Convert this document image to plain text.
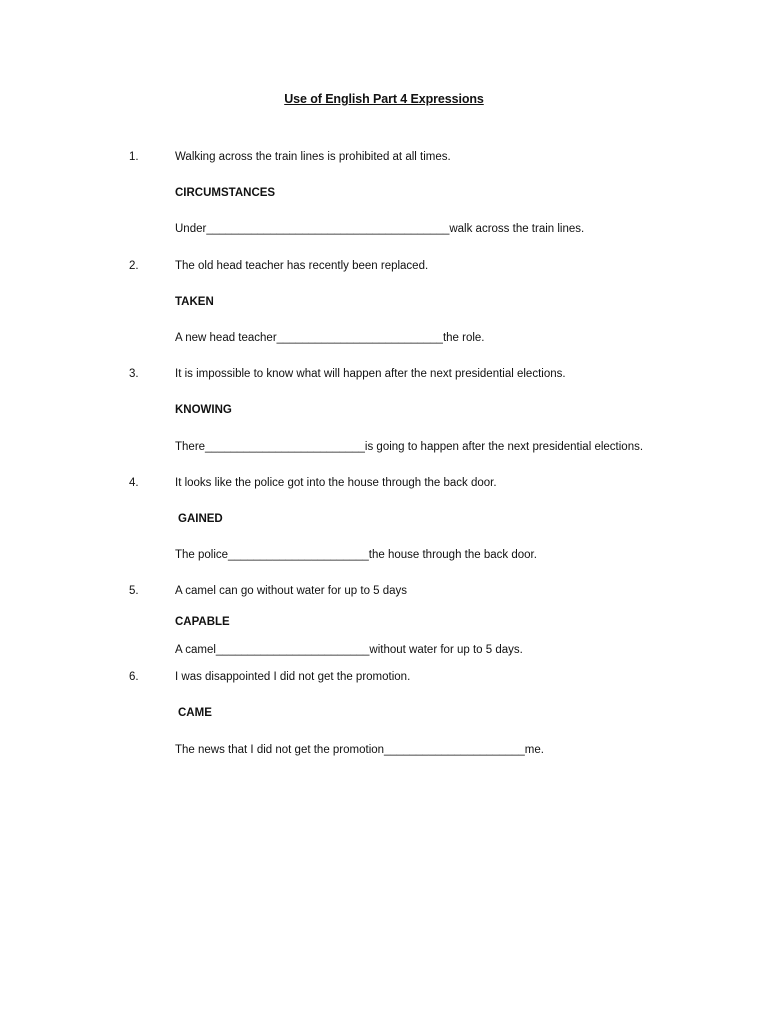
Use of English Part 4 Expressions
1.	Walking across the train lines is prohibited at all times.
CIRCUMSTANCES
Under______________________________________walk across the train lines.
2.	The old head teacher has recently been replaced.
TAKEN
A new head teacher__________________________the role.
3.	It is impossible to know what will happen after the next presidential elections.
KNOWING
There_________________________is going to happen after the next presidential elections.
4.	It looks like the police got into the house through the back door.
GAINED
The police______________________the house through the back door.
5.	A camel can go without water for up to 5 days
CAPABLE
A camel________________________without water for up to 5 days.
6.	I was disappointed I did not get the promotion.
CAME
The news that I did not get the promotion______________________me.
